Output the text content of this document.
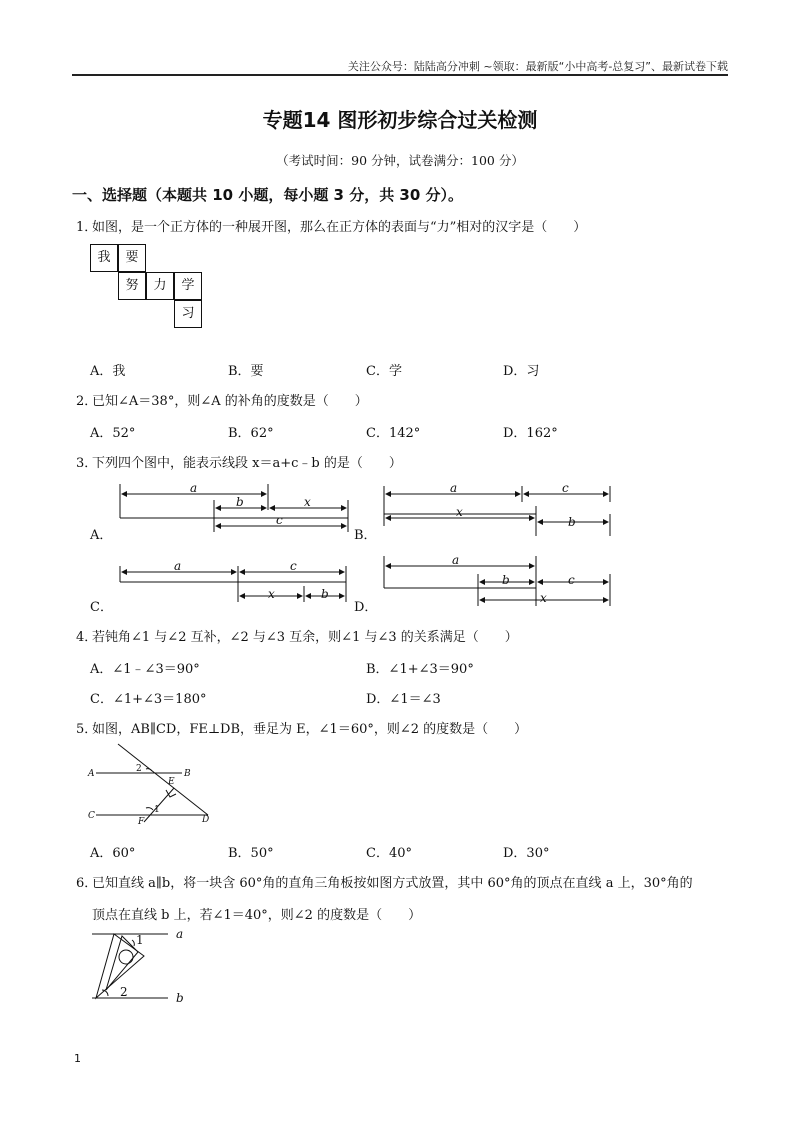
关注公众号：陆陆高分冲刺 ~领取：最新版“小中高考-总复习”、最新试卷下载
专题14 图形初步综合过关检测
（考试时间：90 分钟，试卷满分：100 分）
一、选择题（本题共 10 小题，每小题 3 分，共 30 分）。
1．如图，是一个正方体的一种展开图，那么在正方体的表面与“力”相对的汉字是（　　）
我	要
努	力	学
习
A．我	B．要	C．学	D．习
2．已知∠A＝38°，则∠A 的补角的度数是（　　）
A．52°	B．62°	C．142°	D．162°
3．下列四个图中，能表示线段 x＝a+c﹣b 的是（　　）
A．	B．
C．	D．
a
b	x
c
a	c
x
b
a	c
x	b
a
b	c
x
4．若钝角∠1 与∠2 互补，∠2 与∠3 互余，则∠1 与∠3 的关系满足（　　）
A．∠1﹣∠3＝90°	B．∠1+∠3＝90°
C．∠1+∠3＝180°	D．∠1＝∠3
5．如图，AB∥CD，FE⊥DB，垂足为 E，∠1＝60°，则∠2 的度数是（　　）
A	B
C	D
E
F
1
2
A．60°	B．50°	C．40°	D．30°
6．已知直线 a∥b，将一块含 60°角的直角三角板按如图方式放置，其中 60°角的顶点在直线 a 上，30°角的
顶点在直线 b 上，若∠1＝40°，则∠2 的度数是（　　）
a
b
1
2
1
